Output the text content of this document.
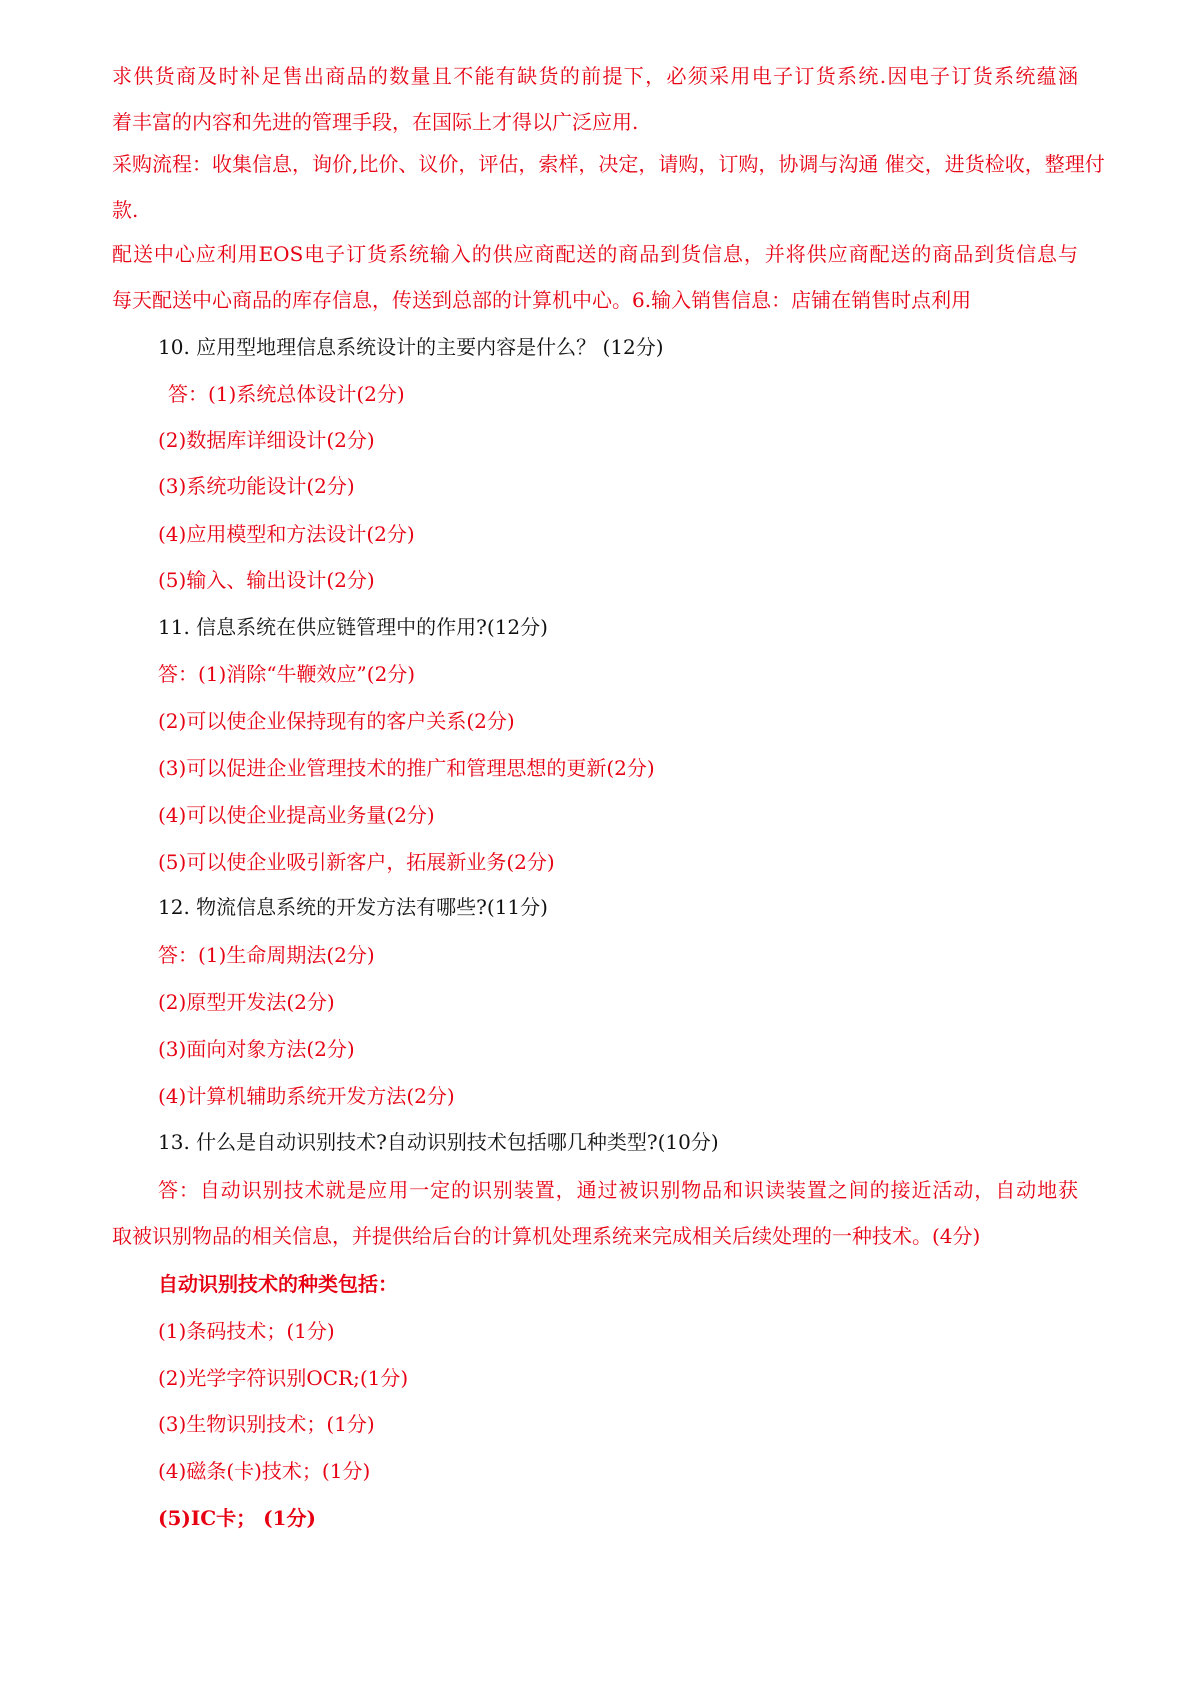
求供货商及时补足售出商品的数量且不能有缺货的前提下，必须采用电子订货系统.因电子订货系统蕴涵
着丰富的内容和先进的管理手段，在国际上才得以广泛应用.
采购流程：收集信息，询价,比价、议价，评估，索样，决定，请购，订购，协调与沟通 催交，进货检收，整理付
款.
配送中心应利用EOS电子订货系统输入的供应商配送的商品到货信息，并将供应商配送的商品到货信息与
每天配送中心商品的库存信息，传送到总部的计算机中心。6.输入销售信息：店铺在销售时点利用
10. 应用型地理信息系统设计的主要内容是什么？ (12分)
答：(1)系统总体设计(2分)
(2)数据库详细设计(2分)
(3)系统功能设计(2分)
(4)应用模型和方法设计(2分)
(5)输入、输出设计(2分)
11. 信息系统在供应链管理中的作用?(12分)
答：(1)消除“牛鞭效应”(2分)
(2)可以使企业保持现有的客户关系(2分)
(3)可以促进企业管理技术的推广和管理思想的更新(2分)
(4)可以使企业提高业务量(2分)
(5)可以使企业吸引新客户，拓展新业务(2分)
12. 物流信息系统的开发方法有哪些?(11分)
答：(1)生命周期法(2分)
(2)原型开发法(2分)
(3)面向对象方法(2分)
(4)计算机辅助系统开发方法(2分)
13. 什么是自动识别技术?自动识别技术包括哪几种类型?(10分)
答：自动识别技术就是应用一定的识别装置，通过被识别物品和识读装置之间的接近活动，自动地获
取被识别物品的相关信息，并提供给后台的计算机处理系统来完成相关后续处理的一种技术。(4分)
自动识别技术的种类包括：
(1)条码技术；(1分)
(2)光学字符识别OCR;(1分)
(3)生物识别技术；(1分)
(4)磁条(卡)技术；(1分)
(5)IC卡； (1分)
